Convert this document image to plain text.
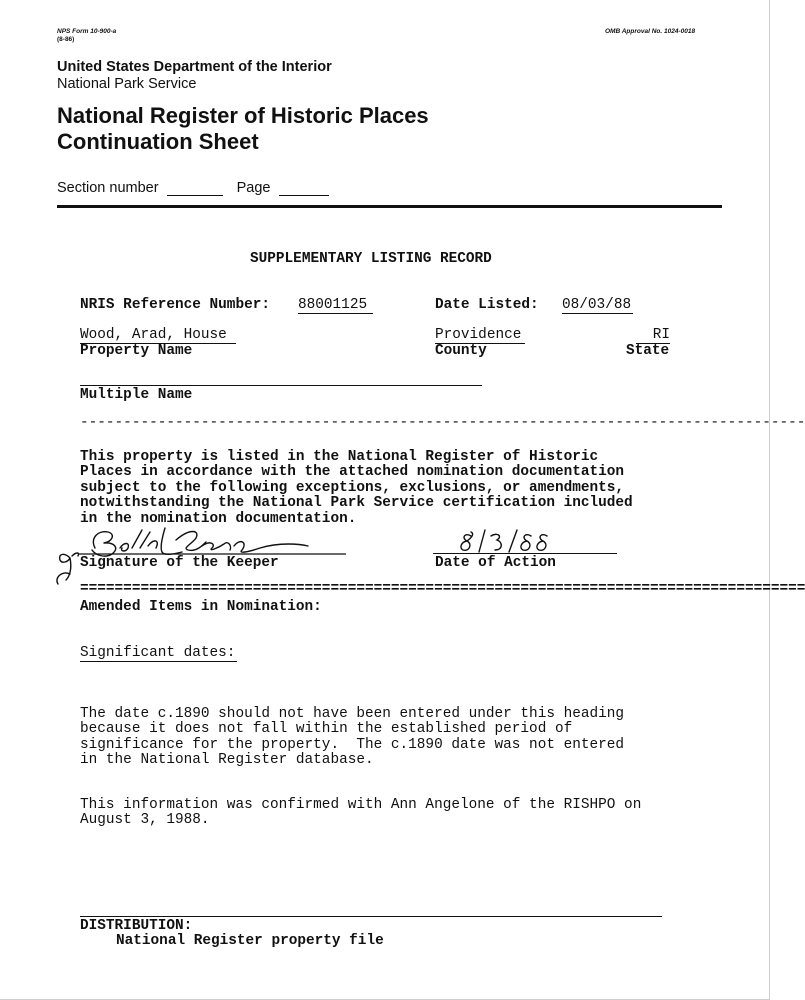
NPS Form 10-900-a
(8-86)
OMB Approval No. 1024-0018
United States Department of the Interior
National Park Service
National Register of Historic Places
Continuation Sheet
Section number	Page
SUPPLEMENTARY LISTING RECORD
NRIS Reference Number: 88001125	Date Listed: 08/03/88
Wood, Arad, House
Property Name
Providence
County
RI
State
Multiple Name
------------------------------------------------------------------------------------

This property is listed in the National Register of Historic
Places in accordance with the attached nomination documentation
subject to the following exceptions, exclusions, or amendments,
notwithstanding the National Park Service certification included
in the nomination documentation.

Signature of the Keeper	Date of Action
====================================================================================
Amended Items in Nomination:
Significant dates:

The date c.1890 should not have been entered under this heading
because it does not fall within the established period of
significance for the property.  The c.1890 date was not entered
in the National Register database.

This information was confirmed with Ann Angelone of the RISHPO on
August 3, 1988.

DISTRIBUTION:
National Register property file
